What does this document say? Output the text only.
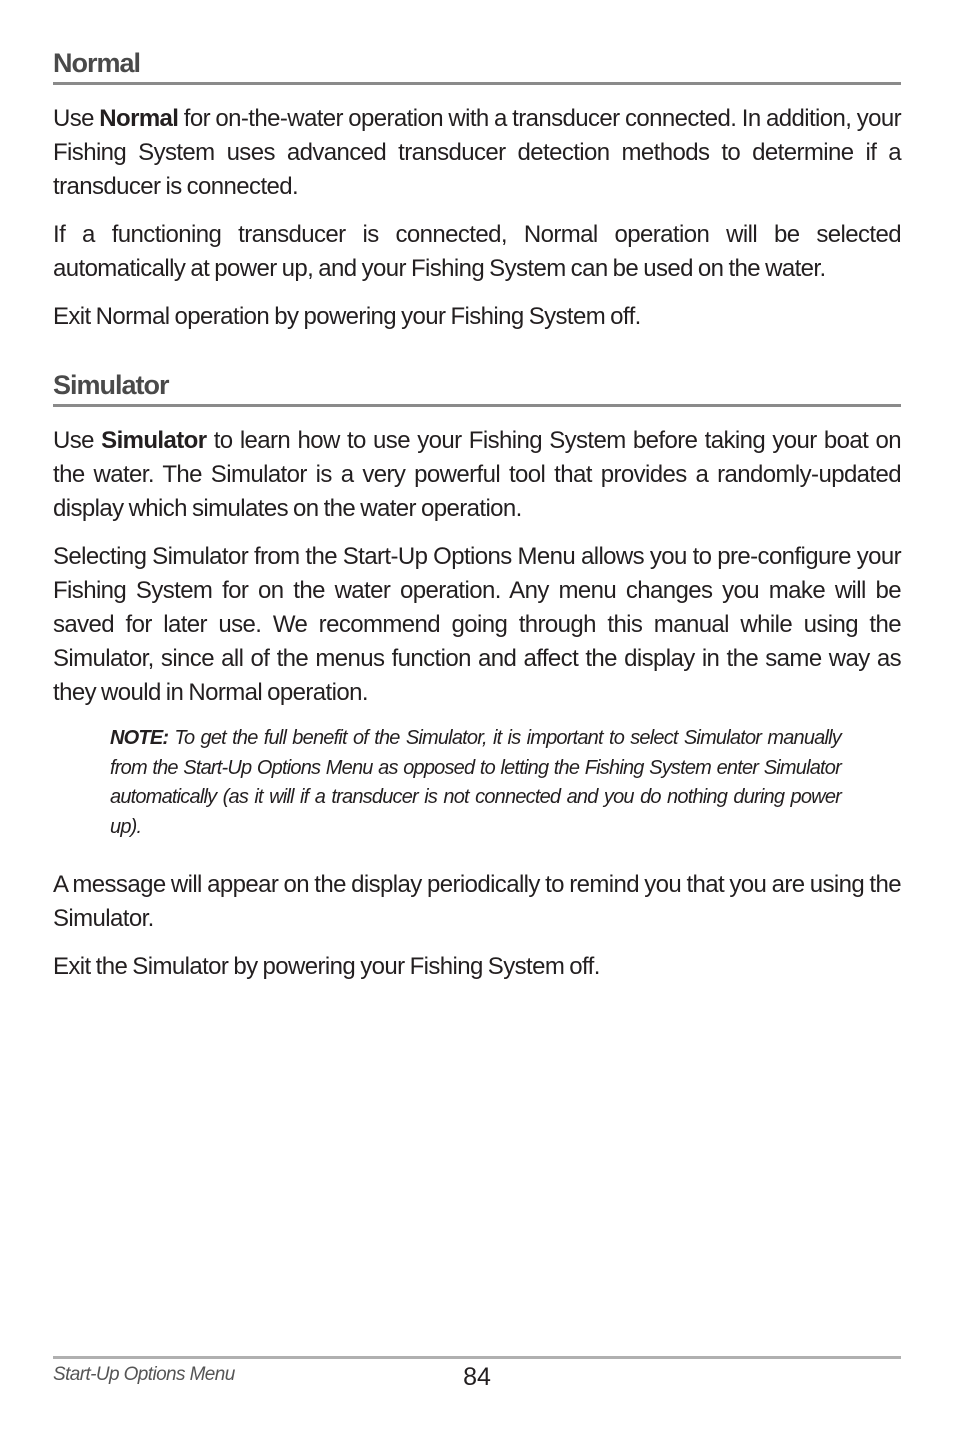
Normal

Use Normal for on-the-water operation with a transducer connected. In addition, your Fishing System uses advanced transducer detection methods to determine if a transducer is connected.

If a functioning transducer is connected, Normal operation will be selected automatically at power up, and your Fishing System can be used on the water.

Exit Normal operation by powering your Fishing System off.

Simulator

Use Simulator to learn how to use your Fishing System before taking your boat on the water. The Simulator is a very powerful tool that provides a randomly-updated display which simulates on the water operation.

Selecting Simulator from the Start-Up Options Menu allows you to pre-configure your Fishing System for on the water operation. Any menu changes you make will be saved for later use. We recommend going through this manual while using the Simulator, since all of the menus function and affect the display in the same way as they would in Normal operation.

NOTE: To get the full benefit of the Simulator, it is important to select Simulator manually from the Start-Up Options Menu as opposed to letting the Fishing System enter Simulator automatically (as it will if a transducer is not connected and you do nothing during power up).

A message will appear on the display periodically to remind you that you are using the Simulator.

Exit the Simulator by powering your Fishing System off.

Start-Up Options Menu	84
